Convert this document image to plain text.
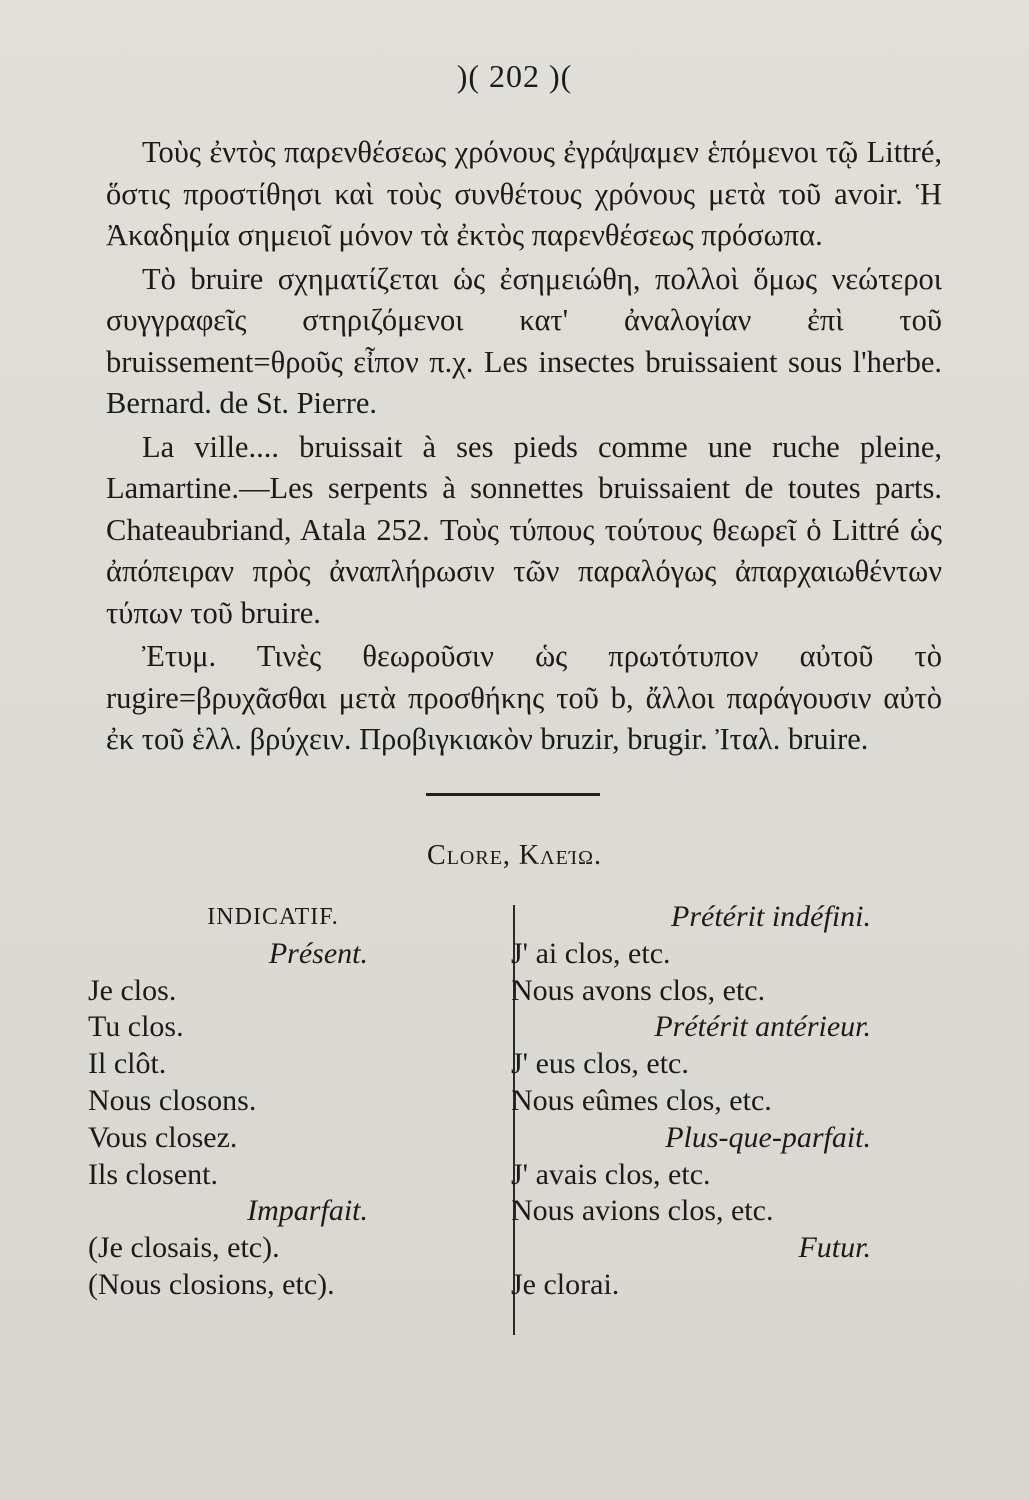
)( 202 )(

Τοὺς ἐντὸς παρενθέσεως χρόνους ἐγράψαμεν ἑπόμενοι τῷ Littré, ὅστις προστίθησι καὶ τοὺς συνθέτους χρόνους μετὰ τοῦ avoir. Ἡ Ἀκαδημία σημειοῖ μόνον τὰ ἐκτὸς παρενθέσεως πρόσωπα.

Τὸ bruire σχηματίζεται ὡς ἐσημειώθη, πολλοὶ ὅμως νεώτεροι συγγραφεῖς στηριζόμενοι κατ' ἀναλογίαν ἐπὶ τοῦ bruissement=θροῦς εἶπον π.χ. Les insectes bruissaient sous l'herbe. Bernard. de St. Pierre.

La ville.... bruissait à ses pieds comme une ruche pleine, Lamartine.—Les serpents à sonnettes bruissaient de toutes parts. Chateaubriand, Atala 252. Τοὺς τύπους τούτους θεωρεῖ ὁ Littré ὡς ἀπόπειραν πρὸς ἀναπλήρωσιν τῶν παραλόγως ἀπαρχαιωθέντων τύπων τοῦ bruire.

Ἐτυμ. Τινὲς θεωροῦσιν ὡς πρωτότυπον αὐτοῦ τὸ rugire=βρυχᾶσθαι μετὰ προσθήκης τοῦ b, ἄλλοι παράγουσιν αὐτὸ ἐκ τοῦ ἑλλ. βρύχειν. Προβιγκιακὸν bruzir, brugir. Ἰταλ. bruire.

Clore, Κλείω.
INDICATIF.
Présent.
Je clos.
Tu clos.
Il clôt.
Nous closons.
Vous closez.
Ils closent.
Imparfait.
(Je closais, etc).
(Nous closions, etc).
Prétérit indéfini.
J' ai clos, etc.
Nous avons clos, etc.
Prétérit antérieur.
J' eus clos, etc.
Nous eûmes clos, etc.
Plus-que-parfait.
J' avais clos, etc.
Nous avions clos, etc.
Futur.
Je clorai.
